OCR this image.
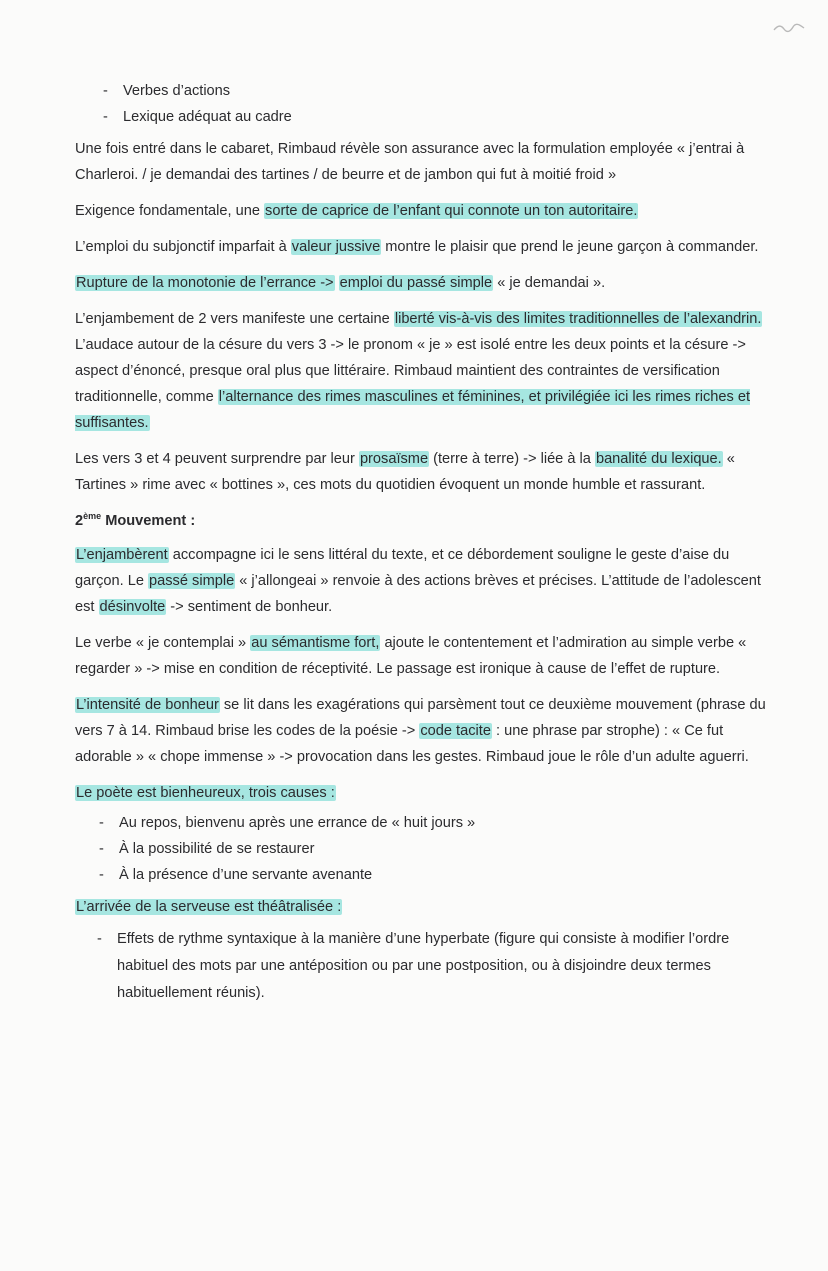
- Verbes d’actions
- Lexique adéquat au cadre

Une fois entré dans le cabaret, Rimbaud révèle son assurance avec la formulation employée « j’entrai à Charleroi. / je demandai des tartines / de beurre et de jambon qui fut à moitié froid »

Exigence fondamentale, une sorte de caprice de l’enfant qui connote un ton autoritaire.

L’emploi du subjonctif imparfait à valeur jussive montre le plaisir que prend le jeune garçon à commander.

Rupture de la monotonie de l’errance -> emploi du passé simple « je demandai ».

L’enjambement de 2 vers manifeste une certaine liberté vis-à-vis des limites traditionnelles de l’alexandrin. L’audace autour de la césure du vers 3 -> le pronom « je » est isolé entre les deux points et la césure -> aspect d’énoncé, presque oral plus que littéraire. Rimbaud maintient des contraintes de versification traditionnelle, comme l’alternance des rimes masculines et féminines, et privilégiée ici les rimes riches et suffisantes.

Les vers 3 et 4 peuvent surprendre par leur prosaïsme (terre à terre) -> liée à la banalité du lexique. « Tartines » rime avec « bottines », ces mots du quotidien évoquent un monde humble et rassurant.

2ème Mouvement :

L’enjambèrent accompagne ici le sens littéral du texte, et ce débordement souligne le geste d’aise du garçon. Le passé simple « j’allongeai » renvoie à des actions brèves et précises. L’attitude de l’adolescent est désinvolte -> sentiment de bonheur.

Le verbe « je contemplai » au sémantisme fort, ajoute le contentement et l’admiration au simple verbe « regarder » -> mise en condition de réceptivité. Le passage est ironique à cause de l’effet de rupture.

L’intensité de bonheur se lit dans les exagérations qui parsèment tout ce deuxième mouvement (phrase du vers 7 à 14. Rimbaud brise les codes de la poésie -> code tacite : une phrase par strophe) : « Ce fut adorable » « chope immense » -> provocation dans les gestes. Rimbaud joue le rôle d’un adulte aguerri.

Le poète est bienheureux, trois causes :

- Au repos, bienvenu après une errance de « huit jours »
- À la possibilité de se restaurer
- À la présence d’une servante avenante

L’arrivée de la serveuse est théâtralisée :

- Effets de rythme syntaxique à la manière d’une hyperbate (figure qui consiste à modifier l’ordre habituel des mots par une antéposition ou par une postposition, ou à disjoindre deux termes habituellement réunis).
